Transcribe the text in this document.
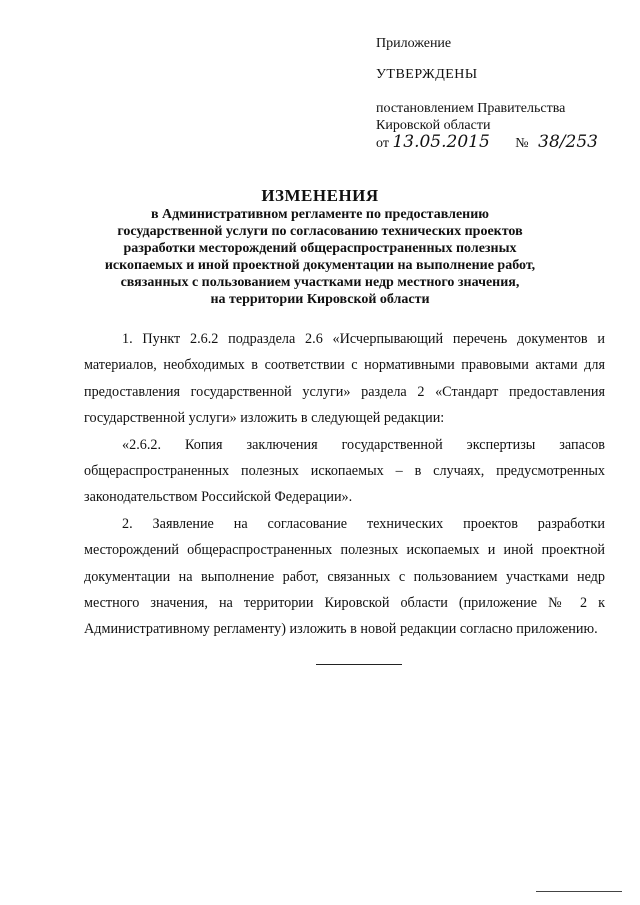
Приложение
УТВЕРЖДЕНЫ
постановлением Правительства
Кировской области
от 13.05.2015 № 38/253
ИЗМЕНЕНИЯ

в Административном регламенте по предоставлению

государственной услуги по согласованию технических проектов

разработки месторождений общераспространенных полезных

ископаемых и иной проектной документации на выполнение работ,

связанных с пользованием участками недр местного значения,

на территории Кировской области

1. Пункт 2.6.2 подраздела 2.6 «Исчерпывающий перечень документов и материалов, необходимых в соответствии с нормативными правовыми актами для предоставления государственной услуги» раздела 2 «Стандарт предоставления государственной услуги» изложить в следующей редакции:

«2.6.2. Копия заключения государственной экспертизы запасов общераспространенных полезных ископаемых – в случаях, предусмотренных законодательством Российской Федерации».

2. Заявление на согласование технических проектов разработки месторождений общераспространенных полезных ископаемых и иной проектной документации на выполнение работ, связанных с пользованием участками недр местного значения, на территории Кировской области (приложение № 2 к Административному регламенту) изложить в новой редакции согласно приложению.
